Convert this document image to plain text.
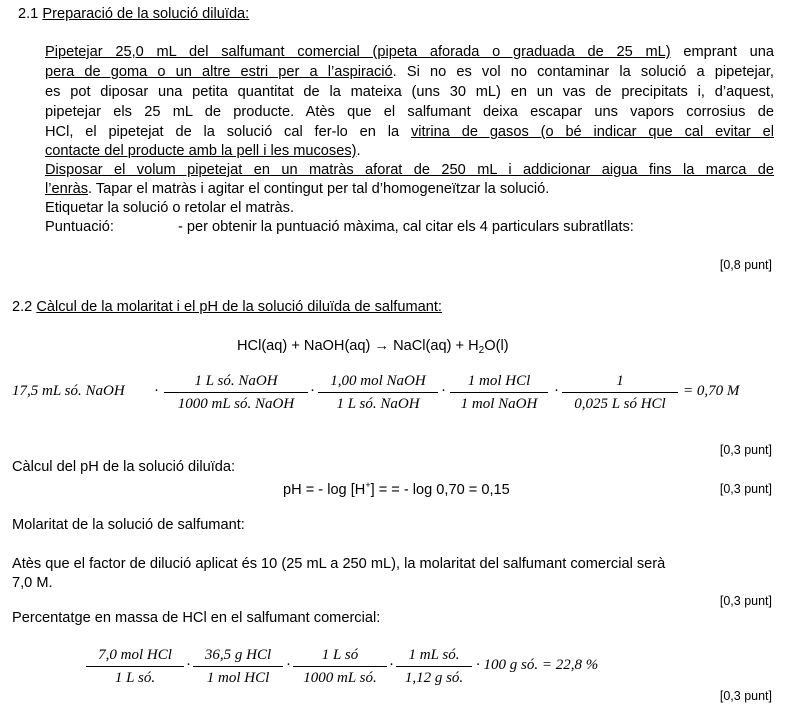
2.1 Preparació de la solució diluïda:
Pipetejar 25,0 mL del salfumant comercial (pipeta aforada o graduada de 25 mL) emprant una
pera de goma o un altre estri per a l’aspiració. Si no es vol no contaminar la solució a pipetejar,
es pot diposar una petita quantitat de la mateixa (uns 30 mL) en un vas de precipitats i, d’aquest,
pipetejar els 25 mL de producte. Atès que el salfumant deixa escapar uns vapors corrosius de
HCl, el pipetejat de la solució cal fer-lo en la vitrina de gasos (o bé indicar que cal evitar el
contacte del producte amb la pell i les mucoses).
Disposar el volum pipetejat en un matràs aforat de 250 mL i addicionar aigua fins la marca de
l’enràs. Tapar el matràs i agitar el contingut per tal d’homogeneïtzar la solució.
Etiquetar la solució o retolar el matràs.
Puntuació:	- per obtenir la puntuació màxima, cal citar els 4 particulars subratllats:
[0,8 punt]
2.2 Càlcul de la molaritat i el pH de la solució diluïda de salfumant:
HCl(aq) + NaOH(aq) → NaCl(aq) + $H_2O(l)$
17,5 mL só. NaOH ·
1 L só. NaOH
1000 mL só. NaOH
·
1,00 mol NaOH
1 L só. NaOH
·
1 mol HCl
1 mol NaOH
·
1
0,025 L só HCl
= 0,70 M
[0,3 punt]
Càlcul del pH de la solució diluïda:
pH = - log [H+] = = - log 0,70 = 0,15	[0,3 punt]
Molaritat de la solució de salfumant:
Atès que el factor de dilució aplicat és 10 (25 mL a 250 mL), la molaritat del salfumant comercial serà
7,0 M.
[0,3 punt]
Percentatge en massa de HCl en el salfumant comercial:
7,0 mol HCl
1 L só.
·
36,5 g HCl
1 mol HCl
·
1 L só
1000 mL só.
·
1 mL só.
1,12 g só.
· 100 g só. = 22,8 %
[0,3 punt]
